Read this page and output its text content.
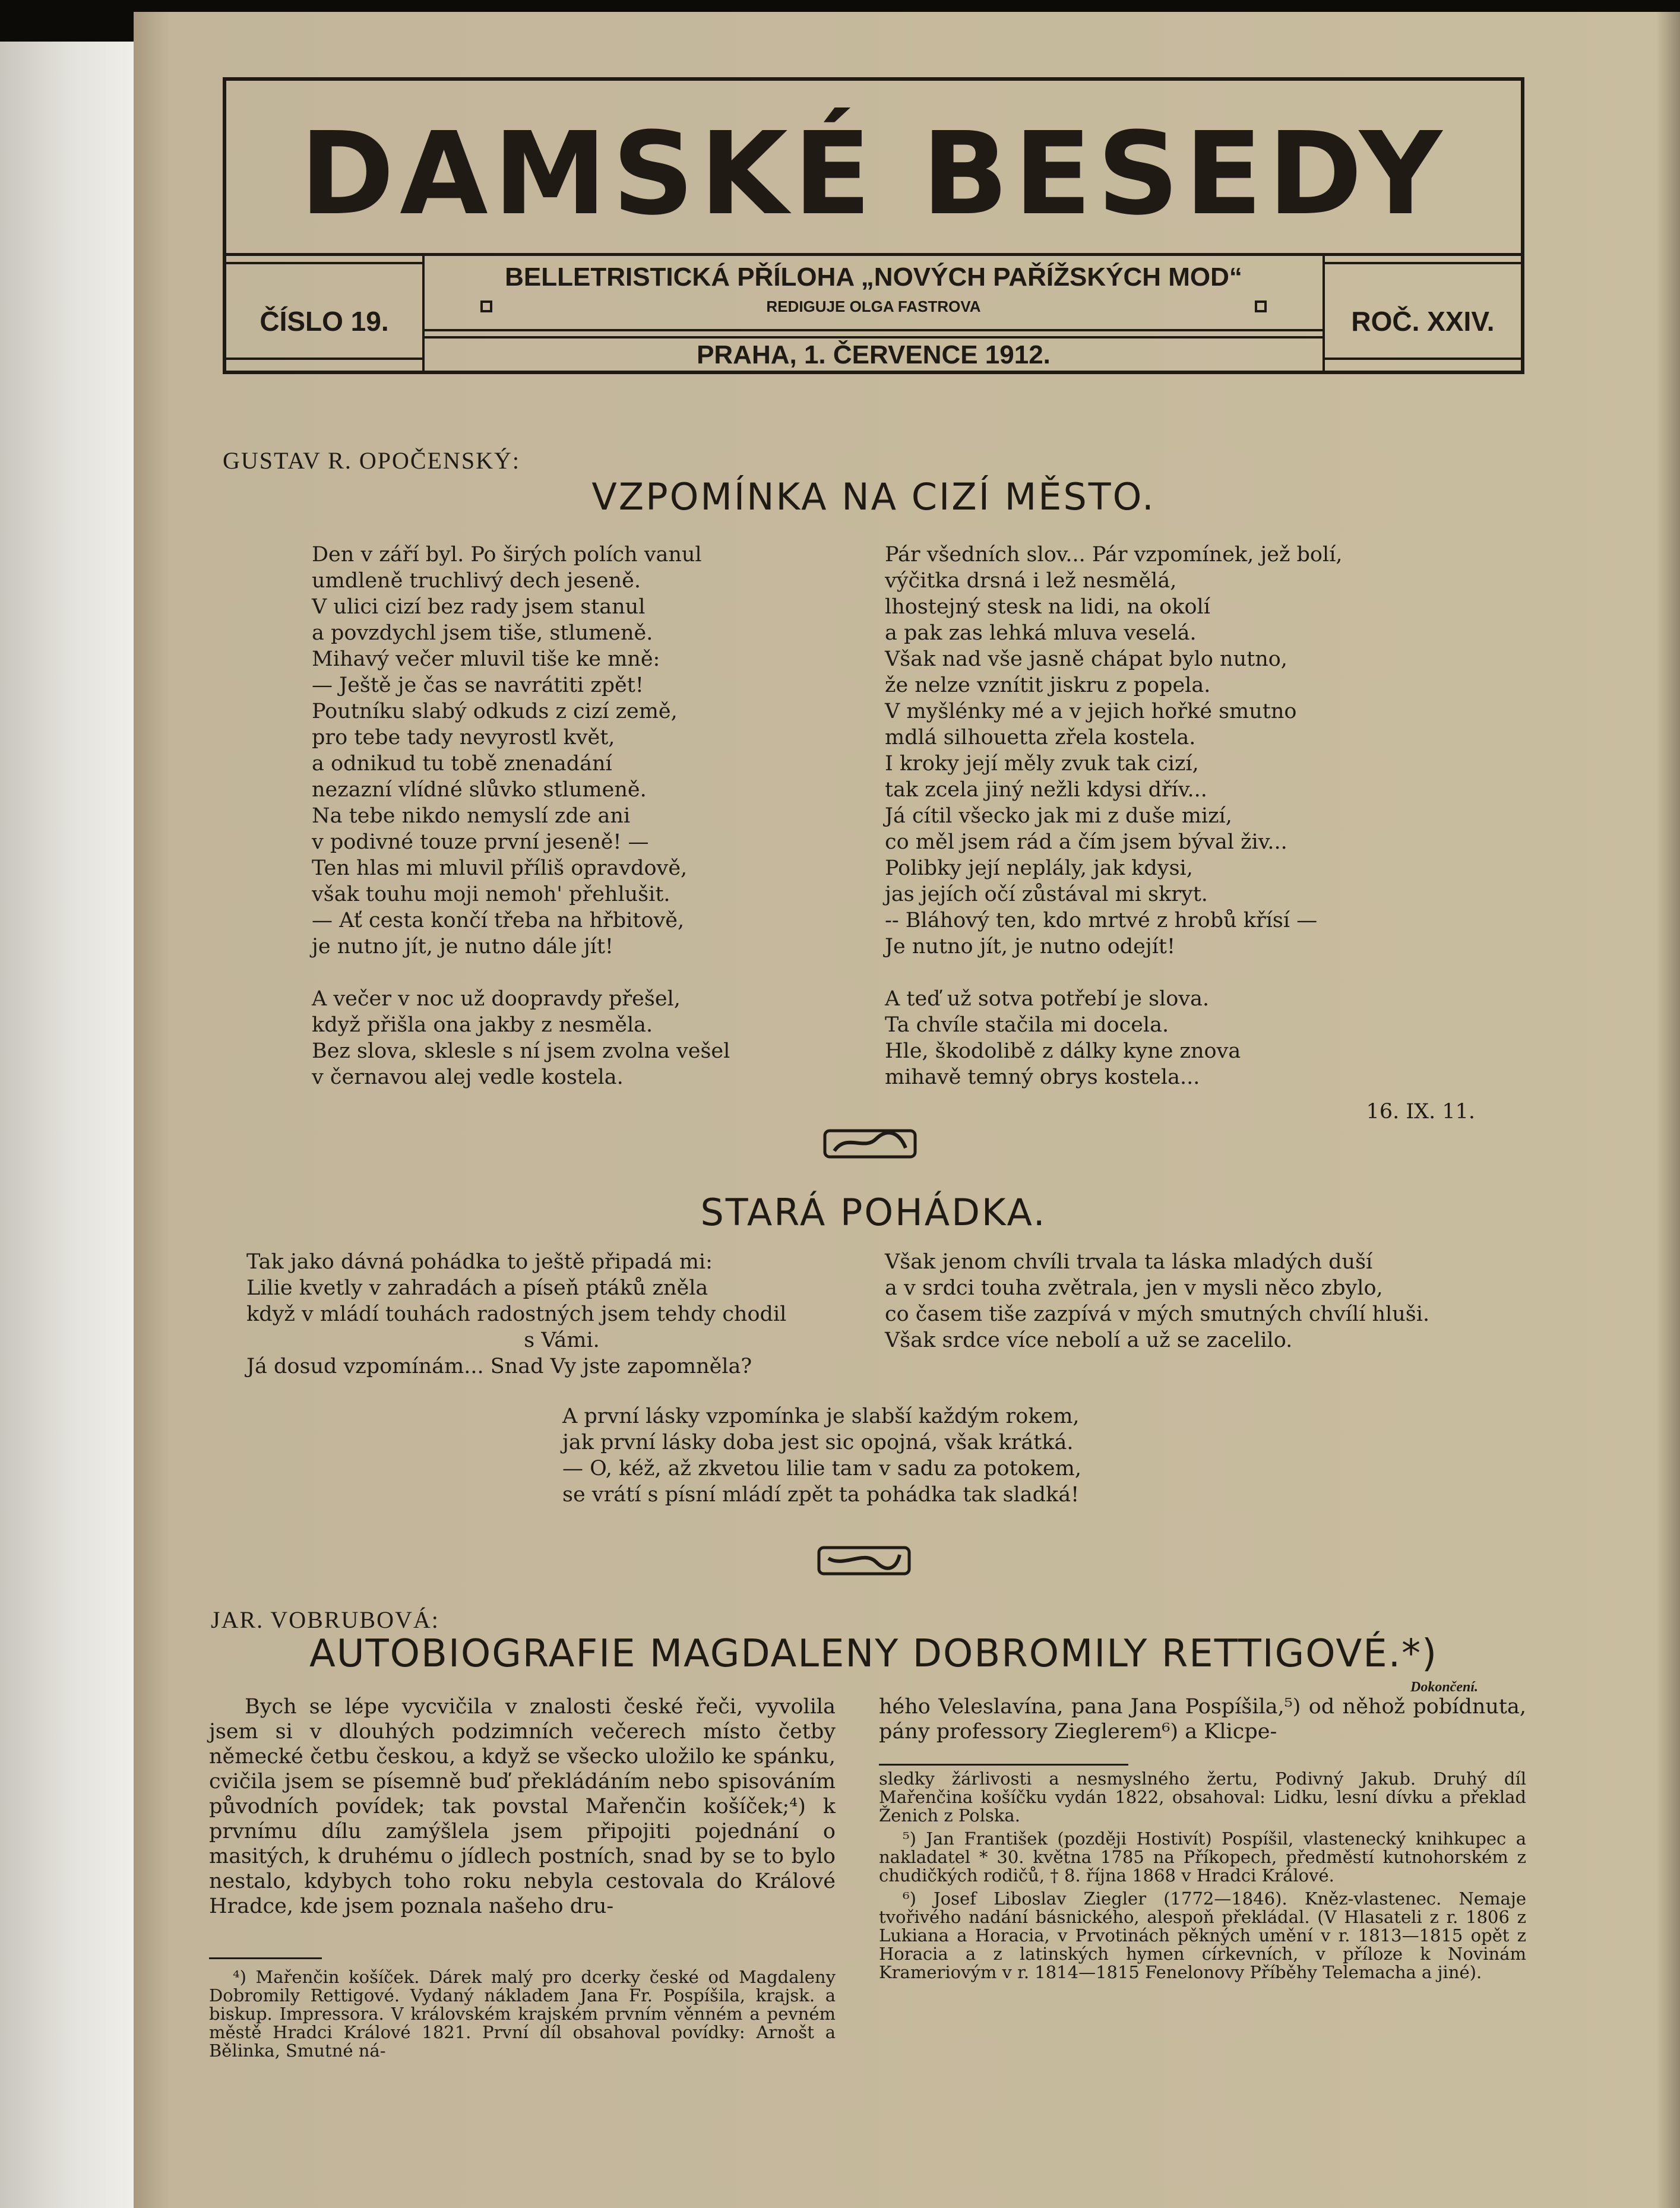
DAMSKÉ BESEDY
BELLETRISTICKÁ PŘÍLOHA „NOVÝCH PAŘÍŽSKÝCH MOD“
REDIGUJE OLGA FASTROVA
ČÍSLO 19.	ROČ. XXIV.
PRAHA, 1. ČERVENCE 1912.
GUSTAV R. OPOČENSKÝ:
VZPOMÍNKA NA CIZÍ MĚSTO.
Den v září byl. Po širých polích vanul
umdleně truchlivý dech jeseně.
V ulici cizí bez rady jsem stanul
a povzdychl jsem tiše, stlumeně.
Mihavý večer mluvil tiše ke mně:
— Ještě je čas se navrátiti zpět!
Poutníku slabý odkuds z cizí země,
pro tebe tady nevyrostl květ,
a odnikud tu tobě znenadání
nezazní vlídné slůvko stlumeně.
Na tebe nikdo nemyslí zde ani
v podivné touze první jeseně! —
Ten hlas mi mluvil příliš opravdově,
však touhu moji nemoh' přehlušit.
— Ať cesta končí třeba na hřbitově,
je nutno jít, je nutno dále jít!
A večer v noc už doopravdy přešel,
když přišla ona jakby z nesměla.
Bez slova, sklesle s ní jsem zvolna vešel
v černavou alej vedle kostela.
Pár všedních slov... Pár vzpomínek, jež bolí,
výčitka drsná i lež nesmělá,
lhostejný stesk na lidi, na okolí
a pak zas lehká mluva veselá.
Však nad vše jasně chápat bylo nutno,
že nelze vznítit jiskru z popela.
V myšlénky mé a v jejich hořké smutno
mdlá silhouetta zřela kostela.
I kroky její měly zvuk tak cizí,
tak zcela jiný nežli kdysi dřív...
Já cítil všecko jak mi z duše mizí,
co měl jsem rád a čím jsem býval živ...
Polibky její neplály, jak kdysi,
jas jejích očí zůstával mi skryt.
-- Bláhový ten, kdo mrtvé z hrobů křísí —
Je nutno jít, je nutno odejít!
A teď už sotva potřebí je slova.
Ta chvíle stačila mi docela.
Hle, škodolibě z dálky kyne znova
mihavě temný obrys kostela...
16. IX. 11.
STARÁ POHÁDKA.
Tak jako dávná pohádka to ještě připadá mi:
Lilie kvetly v zahradách a píseň ptáků zněla
když v mládí touhách radostných jsem tehdy chodil
s Vámi.
Já dosud vzpomínám... Snad Vy jste zapomněla?
Však jenom chvíli trvala ta láska mladých duší
a v srdci touha zvětrala, jen v mysli něco zbylo,
co časem tiše zazpívá v mých smutných chvílí hluši.
Však srdce více nebolí a už se zacelilo.
A první lásky vzpomínka je slabší každým rokem,
jak první lásky doba jest sic opojná, však krátká.
— O, kéž, až zkvetou lilie tam v sadu za potokem,
se vrátí s písní mládí zpět ta pohádka tak sladká!
JAR. VOBRUBOVÁ:
AUTOBIOGRAFIE MAGDALENY DOBROMILY RETTIGOVÉ.*)
Dokončení.

Bych se lépe vycvičila v znalosti české řeči, vyvolila jsem si v dlouhých podzimních večerech místo četby německé četbu českou, a když se všecko uložilo ke spánku, cvičila jsem se písemně buď překládáním nebo spisováním původních povídek; tak povstal Mařenčin košíček;⁴) k prvnímu dílu zamýšlela jsem připojiti pojednání o masitých, k druhému o jídlech postních, snad by se to bylo nestalo, kdybych toho roku nebyla cestovala do Králové Hradce, kde jsem poznala našeho dru-

hého Veleslavína, pana Jana Pospíšila,⁵) od něhož pobídnuta, pány professory Zieglerem⁶) a Klicpe-

sledky žárlivosti a nesmyslného žertu, Podivný Jakub. Druhý díl Mařenčina košíčku vydán 1822, obsahoval: Lidku, lesní dívku a překlad Ženich z Polska.

⁵) Jan František (později Hostivít) Pospíšil, vlastenecký knihkupec a nakladatel * 30. května 1785 na Příkopech, předměstí kutnohorském z chudičkých rodičů, † 8. října 1868 v Hradci Králové.

⁶) Josef Liboslav Ziegler (1772—1846). Kněz-vlastenec. Nemaje tvořivého nadání básnického, alespoň překládal. (V Hlasateli z r. 1806 z Lukiana a Horacia, v Prvotinách pěkných umění v r. 1813—1815 opět z Horacia a z latinských hymen církevních, v příloze k Novinám Krameriovým v r. 1814—1815 Fenelonovy Příběhy Telemacha a jiné).

⁴) Mařenčin košíček. Dárek malý pro dcerky české od Magdaleny Dobromily Rettigové. Vydaný nákladem Jana Fr. Pospíšila, krajsk. a biskup. Impressora. V královském krajském prvním věnném a pevném městě Hradci Králové 1821. První díl obsahoval povídky: Arnošt a Bělinka, Smutné ná-
